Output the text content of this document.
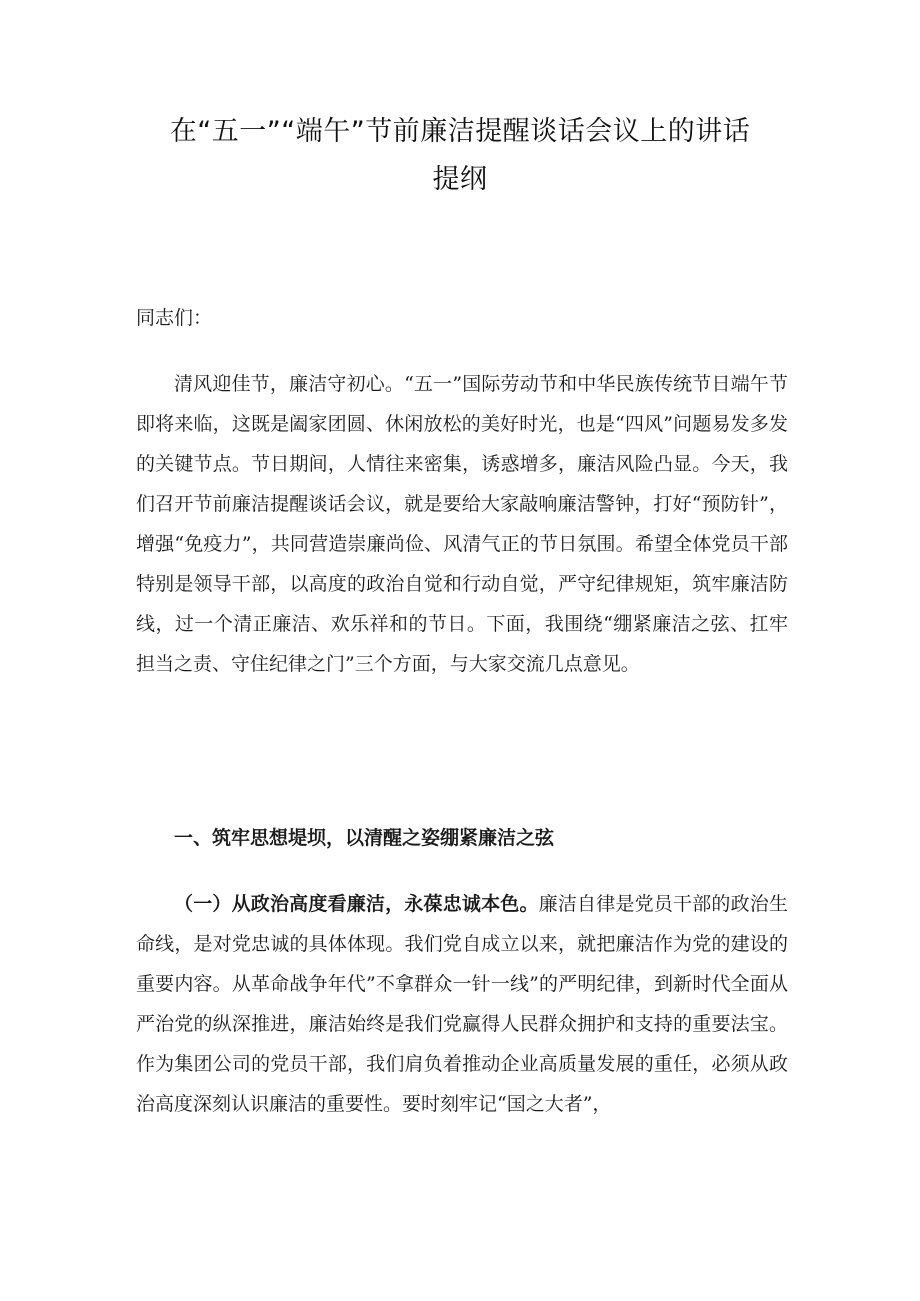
在“五一”“端午”节前廉洁提醒谈话会议上的讲话
提纲
同志们：
清风迎佳节，廉洁守初心。“五一”国际劳动节和中华民族传统节日端午节即将来临，这既是阖家团圆、休闲放松的美好时光，也是“四风”问题易发多发的关键节点。节日期间，人情往来密集，诱惑增多，廉洁风险凸显。今天，我们召开节前廉洁提醒谈话会议，就是要给大家敲响廉洁警钟，打好“预防针”，增强“免疫力”，共同营造崇廉尚俭、风清气正的节日氛围。希望全体党员干部特别是领导干部，以高度的政治自觉和行动自觉，严守纪律规矩，筑牢廉洁防线，过一个清正廉洁、欢乐祥和的节日。下面，我围绕“绷紧廉洁之弦、扛牢担当之责、守住纪律之门”三个方面，与大家交流几点意见。
一、筑牢思想堤坝，以清醒之姿绷紧廉洁之弦
（一）从政治高度看廉洁，永葆忠诚本色。廉洁自律是党员干部的政治生命线，是对党忠诚的具体体现。我们党自成立以来，就把廉洁作为党的建设的重要内容。从革命战争年代”不拿群众一针一线”的严明纪律，到新时代全面从严治党的纵深推进，廉洁始终是我们党赢得人民群众拥护和支持的重要法宝。作为集团公司的党员干部，我们肩负着推动企业高质量发展的重任，必须从政治高度深刻认识廉洁的重要性。要时刻牢记“国之大者”，
